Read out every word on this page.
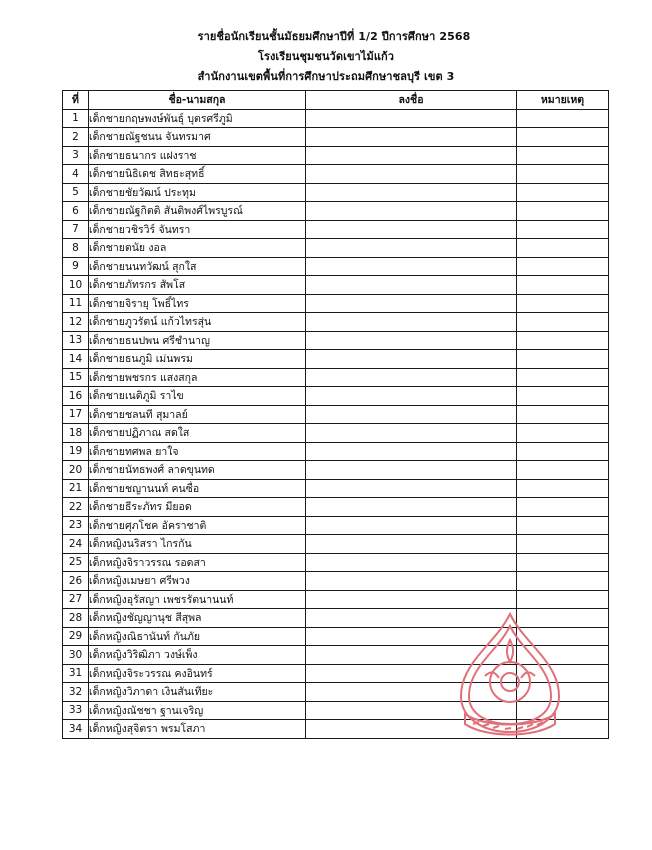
รายชื่อนักเรียนชั้นมัธยมศึกษาปีที่ 1/2 ปีการศึกษา 2568
โรงเรียนชุมชนวัดเขาไม้แก้ว
สำนักงานเขตพื้นที่การศึกษาประถมศึกษาชลบุรี เขต 3
ที่	ชื่อ-นามสกุล	ลงชื่อ	หมายเหตุ
1	เด็กชายกฤษพงษ์พันธุ์ บุตรศรีภูมิ		
2	เด็กชายณัฐชนน จันทรมาศ		
3	เด็กชายธนากร แฝงราช		
4	เด็กชายนิธิเดช สิทธะสุทธิ์		
5	เด็กชายชัยวัฒน์ ประทุม		
6	เด็กชายณัฐกิตติ สันติพงศ์ไพรบูรณ์		
7	เด็กชายวชิรวิร์ จันทรา		
8	เด็กชายตนัย งอล		
9	เด็กชายนนทวัฒน์ สุกใส		
10	เด็กชายภัทรกร สัพโส		
11	เด็กชายจิรายุ โพธิ์ไทร		
12	เด็กชายภูวรัตน์ แก้วไทรสุ่น		
13	เด็กชายธนปพน ศรีชำนาญ		
14	เด็กชายธนภูมิ เม่นพรม		
15	เด็กชายพชรกร แสงสกุล		
16	เด็กชายเนติภูมิ ราไข		
17	เด็กชายชลนที สุมาลย์		
18	เด็กชายปฏิภาณ สดใส		
19	เด็กชายทศพล ยาใจ		
20	เด็กชายนัทธพงศ์ ลาดขุนทด		
21	เด็กชายชญานนท์ คนซื่อ		
22	เด็กชายธีระภัทร มียอด		
23	เด็กชายศุภโชค อัคราชาติ		
24	เด็กหญิงนริสรา ไกรกัน		
25	เด็กหญิงจิราวรรณ รอดสา		
26	เด็กหญิงเมษยา ศรีพวง		
27	เด็กหญิงอุรัสญา เพชรรัตนานนท์		
28	เด็กหญิงชัญญานุช สีสุพล		
29	เด็กหญิงณิธานันท์ กันภัย		
30	เด็กหญิงวิริฒิภา วงษ์เพ็ง		
31	เด็กหญิงจิระวรรณ คงอินทร์		
32	เด็กหญิงวิภาดา เงินสันเทียะ		
33	เด็กหญิงณัชชา ฐานเจริญ		
34	เด็กหญิงสุจิตรา พรมโสภา		
